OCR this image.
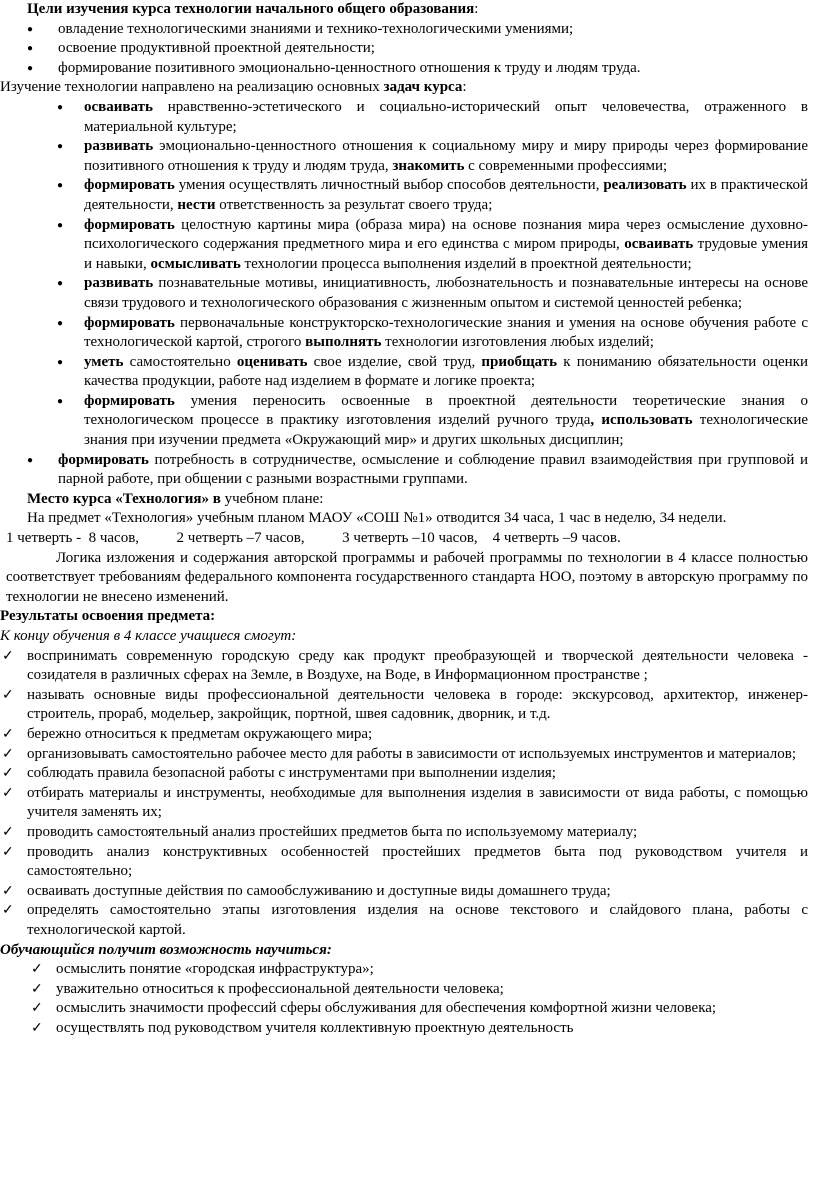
Цели изучения курса технологии начального общего образования:

● овладение технологическими знаниями и технико-технологическими умениями;
● освоение продуктивной проектной деятельности;
● формирование позитивного эмоционально-ценностного отношения к труду и людям труда.

Изучение технологии направлено на реализацию основных задач курса:

● осваивать нравственно-эстетического и социально-исторический опыт человечества, отраженного в материальной культуре;
● развивать эмоционально-ценностного отношения к социальному миру и миру природы через формирование позитивного отношения к труду и людям труда, знакомить с современными профессиями;
● формировать умения осуществлять личностный выбор способов деятельности, реализовать их в практической деятельности, нести ответственность за результат своего труда;
● формировать целостную картины мира (образа мира) на основе познания мира через осмысление духовно-психологического содержания предметного мира и его единства с миром природы, осваивать трудовые умения и навыки, осмысливать технологии процесса выполнения изделий в проектной деятельности;
● развивать познавательные мотивы, инициативность, любознательность и познавательные интересы на основе связи трудового и технологического образования с жизненным опытом и системой ценностей ребенка;
● формировать первоначальные конструкторско-технологические знания и умения на основе обучения работе с технологической картой, строгого выполнять технологии изготовления любых изделий;
● уметь самостоятельно оценивать свое изделие, свой труд, приобщать к пониманию обязательности оценки качества продукции, работе над изделием в формате и логике проекта;
● формировать умения переносить освоенные в проектной деятельности теоретические знания о технологическом процессе в практику изготовления изделий ручного труда, использовать технологические знания при изучении предмета «Окружающий мир» и других школьных дисциплин;
● формировать потребность в сотрудничестве, осмысление и соблюдение правил взаимодействия при групповой и парной работе, при общении с разными возрастными группами.

Место курса «Технология» в учебном плане:

На предмет «Технология» учебным планом МАОУ «СОШ №1» отводится 34 часа, 1 час в неделю, 34 недели.

1 четверть -  8 часов,	2 четверть –7 часов,	3 четверть –10 часов, 4 четверть –9 часов.

Логика изложения и содержания авторской программы и рабочей программы по технологии в 4 классе полностью соответствует требованиям федерального компонента государственного стандарта НОО, поэтому в авторскую программу по технологии не внесено изменений.

Результаты освоения предмета:

К концу обучения в 4 классе учащиеся смогут:

✓ воспринимать современную городскую среду как продукт преобразующей и творческой деятельности человека - созидателя в различных сферах на Земле, в Воздухе, на Воде, в Информационном пространстве ;
✓ называть основные виды профессиональной деятельности человека в городе: экскурсовод, архитектор, инженер-строитель, прораб, модельер, закройщик, портной, швея садовник, дворник, и т.д.
✓ бережно относиться к предметам окружающего мира;
✓ организовывать самостоятельно рабочее место для работы в зависимости от используемых инструментов и материалов;
✓ соблюдать правила безопасной работы с инструментами при выполнении изделия;
✓ отбирать материалы и инструменты, необходимые для выполнения изделия в зависимости от вида работы, с помощью учителя заменять их;
✓ проводить самостоятельный анализ простейших предметов быта по используемому материалу;
✓ проводить анализ конструктивных особенностей простейших предметов быта под руководством учителя и самостоятельно;
✓ осваивать доступные действия по самообслуживанию и доступные виды домашнего труда;
✓ определять самостоятельно этапы изготовления изделия на основе текстового и слайдового плана, работы с технологической картой.

Обучающийся получит возможность научиться:

✓ осмыслить понятие «городская инфраструктура»;
✓ уважительно относиться к профессиональной деятельности человека;
✓ осмыслить значимости профессий сферы обслуживания для обеспечения комфортной жизни человека;
✓ осуществлять под руководством учителя коллективную проектную деятельность
